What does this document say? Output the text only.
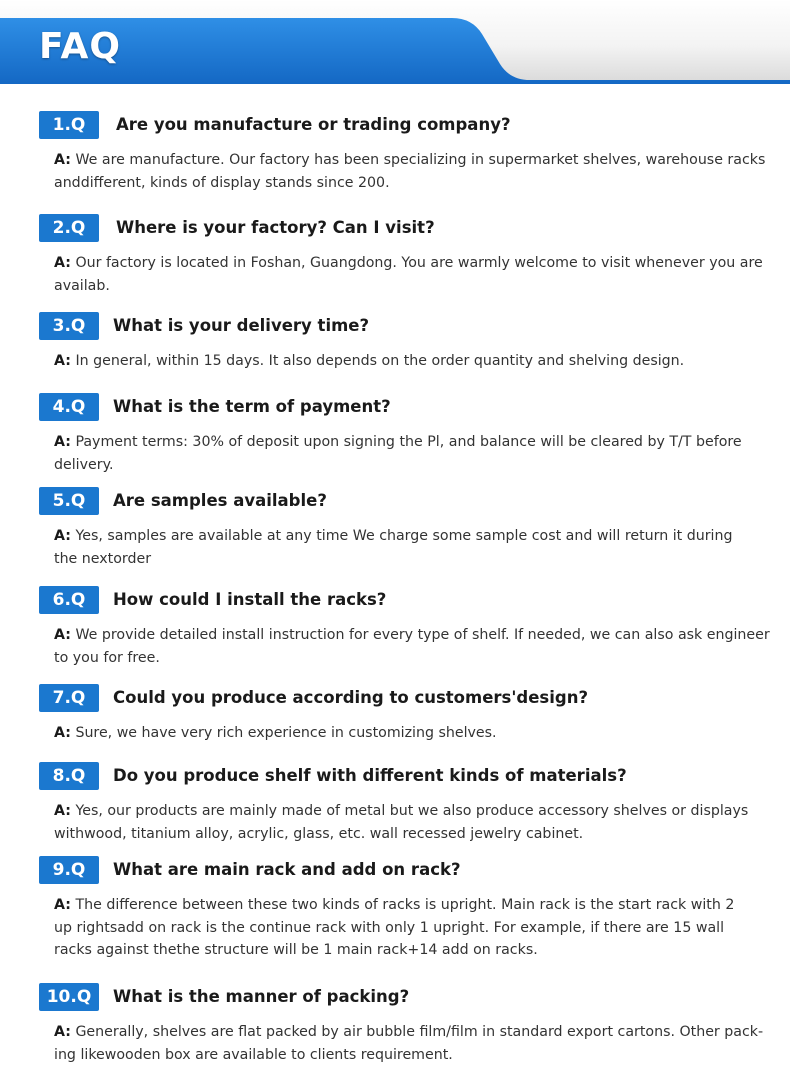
FAQ
1.Q	Are you manufacture or trading company?
A: We are manufacture. Our factory has been specializing in supermarket shelves, warehouse racks
anddifferent, kinds of display stands since 200.
2.Q	Where is your factory? Can I visit?
A: Our factory is located in Foshan, Guangdong. You are warmly welcome to visit whenever you are
availab.
3.Q	What is your delivery time?
A: In general, within 15 days. It also depends on the order quantity and shelving design.
4.Q	What is the term of payment?
A: Payment terms: 30% of deposit upon signing the Pl, and balance will be cleared by T/T before
delivery.
5.Q	Are samples available?
A: Yes, samples are available at any time We charge some sample cost and will return it during
the nextorder
6.Q	How could I install the racks?
A: We provide detailed install instruction for every type of shelf. If needed, we can also ask engineer
to you for free.
7.Q	Could you produce according to customers'design?
A: Sure, we have very rich experience in customizing shelves.
8.Q	Do you produce shelf with different kinds of materials?
A: Yes, our products are mainly made of metal but we also produce accessory shelves or displays
withwood, titanium alloy, acrylic, glass, etc. wall recessed jewelry cabinet.
9.Q	What are main rack and add on rack?
A: The difference between these two kinds of racks is upright. Main rack is the start rack with 2
up rightsadd on rack is the continue rack with only 1 upright. For example, if there are 15 wall
racks against thethe structure will be 1 main rack+14 add on racks.
10.Q	What is the manner of packing?
A: Generally, shelves are flat packed by air bubble film/film in standard export cartons. Other pack-
ing likewooden box are available to clients requirement.
